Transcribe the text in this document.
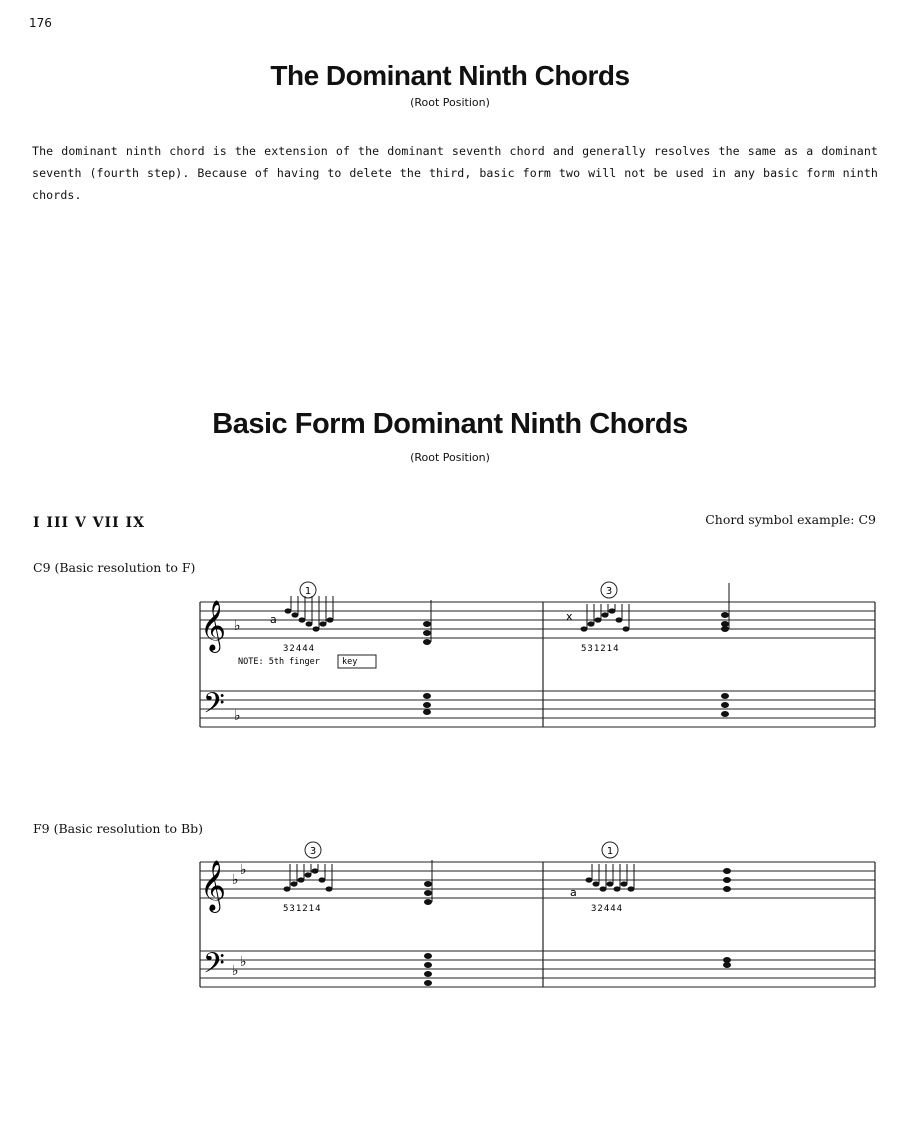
176
The Dominant Ninth Chords
(Root Position)
The dominant ninth chord is the extension of the dominant seventh chord and generally resolves the same as a dominant seventh (fourth step). Because of having to delete the third, basic form two will not be used in any basic form ninth chords.
Basic Form Dominant Ninth Chords
(Root Position)
I III V VII IX	Chord symbol example: C9
C9 (Basic resolution to F)
F9 (Basic resolution to Bb)
𝄞
𝄢
♭
♭
1
a
32444
NOTE: 5th finger	key
3
x
531214
𝄞
𝄢
♭
♭
♭
♭
3
531214
1
a
32444
